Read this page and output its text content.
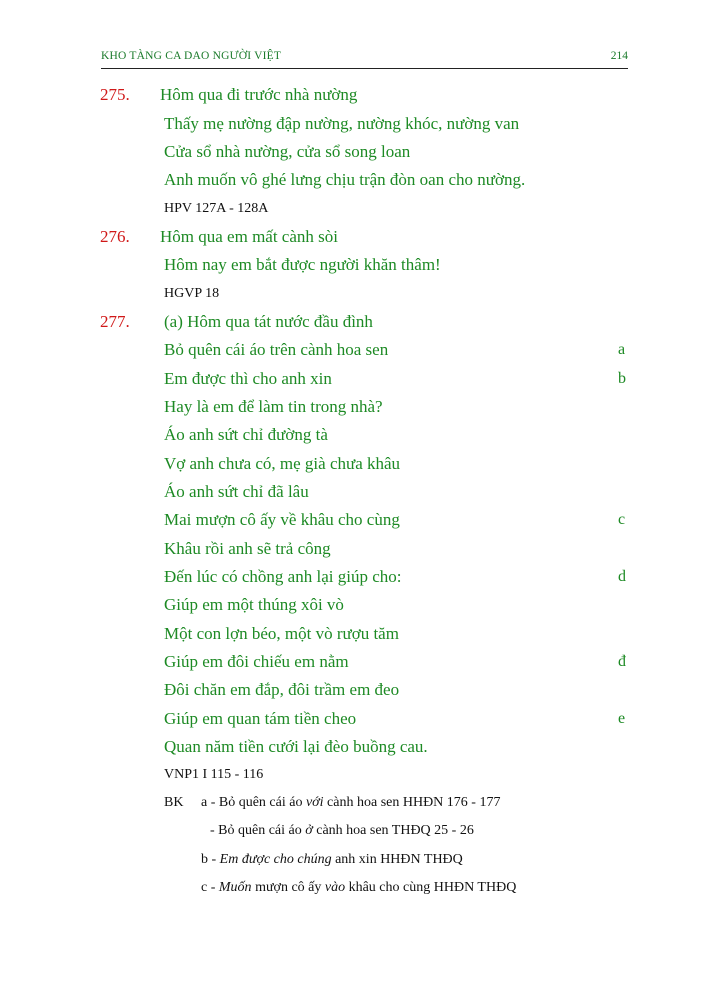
KHO TÀNG CA DAO NGƯỜI VIỆT	214
275. Hôm qua đi trước nhà nường
Thấy mẹ nường đập nường, nường khóc, nường van
Cửa sổ nhà nường, cửa sổ song loan
Anh muốn vô ghé lưng chịu trận đòn oan cho nường.
HPV 127A - 128A
276. Hôm qua em mất cành sòi
Hôm nay em bắt được người khăn thâm!
HGVP 18
277. (a) Hôm qua tát nước đầu đình
Bỏ quên cái áo trên cành hoa sen	a
Em được thì cho anh xin	b
Hay là em để làm tin trong nhà?
Áo anh sứt chỉ đường tà
Vợ anh chưa có, mẹ già chưa khâu
Áo anh sứt chỉ đã lâu
Mai mượn cô ấy về khâu cho cùng	c
Khâu rồi anh sẽ trả công
Đến lúc có chồng anh lại giúp cho:	d
Giúp em một thúng xôi vò
Một con lợn béo, một vò rượu tăm
Giúp em đôi chiếu em nằm	đ
Đôi chăn em đắp, đôi trầm em đeo
Giúp em quan tám tiền cheo	e
Quan năm tiền cưới lại đèo buồng cau.
VNP1 I 115 - 116
BK a - Bỏ quên cái áo với cành hoa sen HHĐN 176 - 177
- Bỏ quên cái áo ở cành hoa sen THĐQ 25 - 26
b - Em được cho chúng anh xin HHĐN THĐQ
c - Muốn mượn cô ấy vào khâu cho cùng HHĐN THĐQ
